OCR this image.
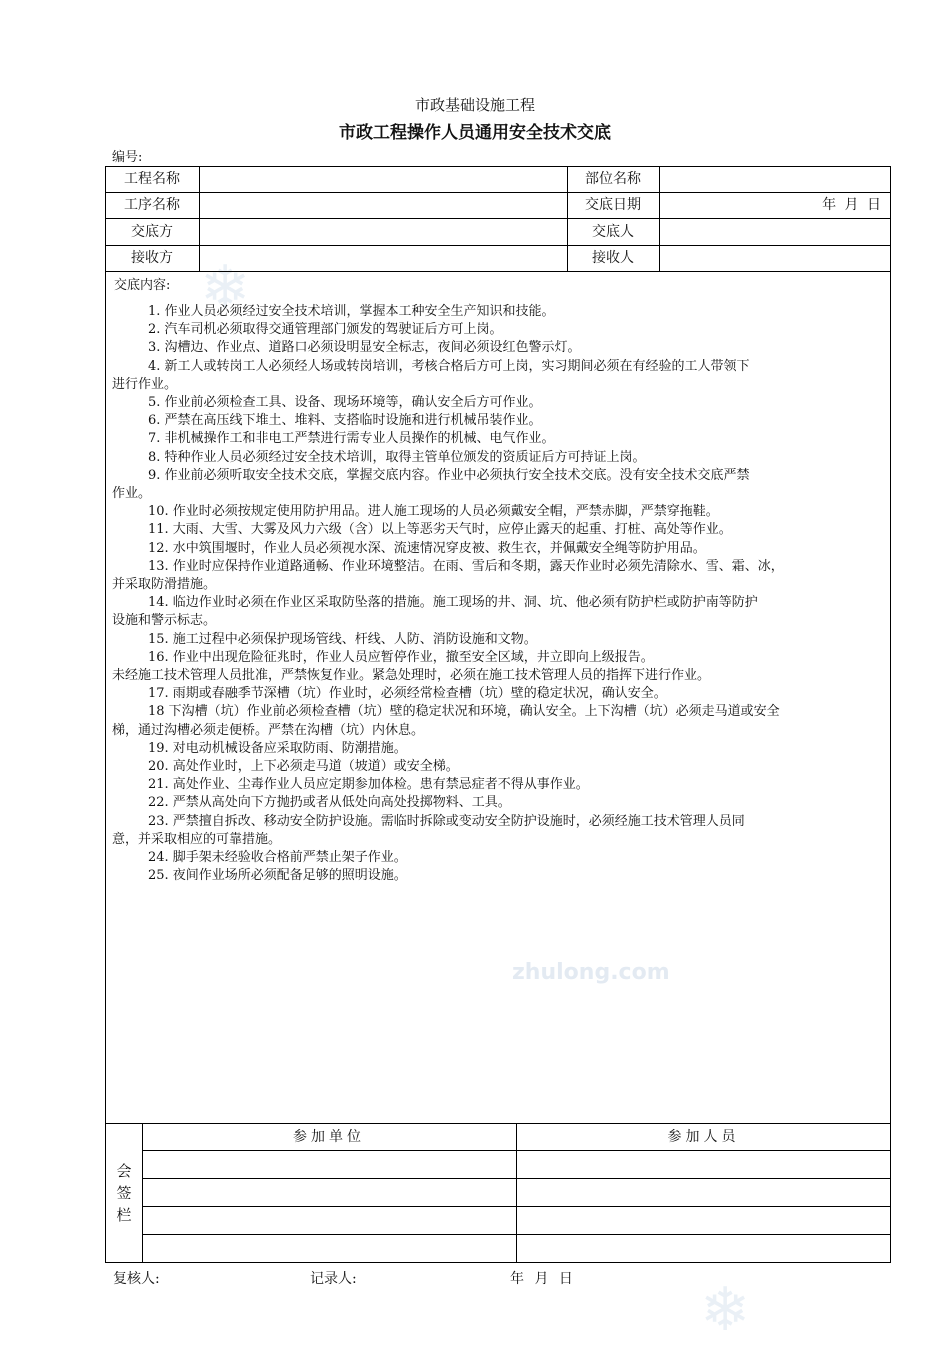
zhulong.com
❄
❄
市政基础设施工程
市政工程操作人员通用安全技术交底
编号:
工程名称	部位名称
工序名称	交底日期	年 月 日
交底方	交底人
接收方	接收人
交底内容:
1. 作业人员必须经过安全技术培训，掌握本工种安全生产知识和技能。
2. 汽车司机必须取得交通管理部门颁发的驾驶证后方可上岗。
3. 沟槽边、作业点、道路口必须设明显安全标志，夜间必须设红色警示灯。
4. 新工人或转岗工人必须经人场或转岗培训，考核合格后方可上岗，实习期间必须在有经验的工人带领下
进行作业。
5. 作业前必须检查工具、设备、现场环境等，确认安全后方可作业。
6. 严禁在高压线下堆土、堆料、支搭临时设施和进行机械吊装作业。
7. 非机械操作工和非电工严禁进行需专业人员操作的机械、电气作业。
8. 特种作业人员必须经过安全技术培训，取得主管单位颁发的资质证后方可持证上岗。
9. 作业前必须听取安全技术交底，掌握交底内容。作业中必须执行安全技术交底。没有安全技术交底严禁
作业。
10. 作业时必须按规定使用防护用品。进人施工现场的人员必须戴安全帽，严禁赤脚，严禁穿拖鞋。
11. 大雨、大雪、大雾及风力六级（含）以上等恶劣天气时，应停止露天的起重、打桩、高处等作业。
12. 水中筑围堰时，作业人员必须视水深、流速情况穿皮被、救生衣，并佩戴安全绳等防护用品。
13. 作业时应保持作业道路通畅、作业环境整洁。在雨、雪后和冬期，露天作业时必须先清除水、雪、霜、冰，
并采取防滑措施。
14. 临边作业时必须在作业区采取防坠落的措施。施工现场的井、洞、坑、他必须有防护栏或防护南等防护
设施和警示标志。
15. 施工过程中必须保护现场管线、杆线、人防、消防设施和文物。
16. 作业中出现危险征兆时，作业人员应暂停作业，撤至安全区域，井立即向上级报告。
未经施工技术管理人员批准，严禁恢复作业。紧急处理时，必须在施工技术管理人员的指挥下进行作业。
17. 雨期或春融季节深槽（坑）作业时，必须经常检查槽（坑）壁的稳定状况，确认安全。
18 下沟槽（坑）作业前必须检查槽（坑）壁的稳定状况和环境，确认安全。上下沟槽（坑）必须走马道或安全
梯，通过沟槽必须走便桥。严禁在沟槽（坑）内休息。
19. 对电动机械设备应采取防雨、防潮措施。
20. 高处作业时，上下必须走马道（坡道）或安全梯。
21. 高处作业、尘毒作业人员应定期参加体检。患有禁忌症者不得从事作业。
22. 严禁从高处向下方抛扔或者从低处向高处投掷物料、工具。
23. 严禁擅自拆改、移动安全防护设施。需临时拆除或变动安全防护设施时，必须经施工技术管理人员同
意，并采取相应的可靠措施。
24. 脚手架未经验收合格前严禁止架子作业。
25. 夜间作业场所必须配备足够的照明设施。
会
签
栏
参加单位	参加人员
复核人:	记录人:	年 月 日
